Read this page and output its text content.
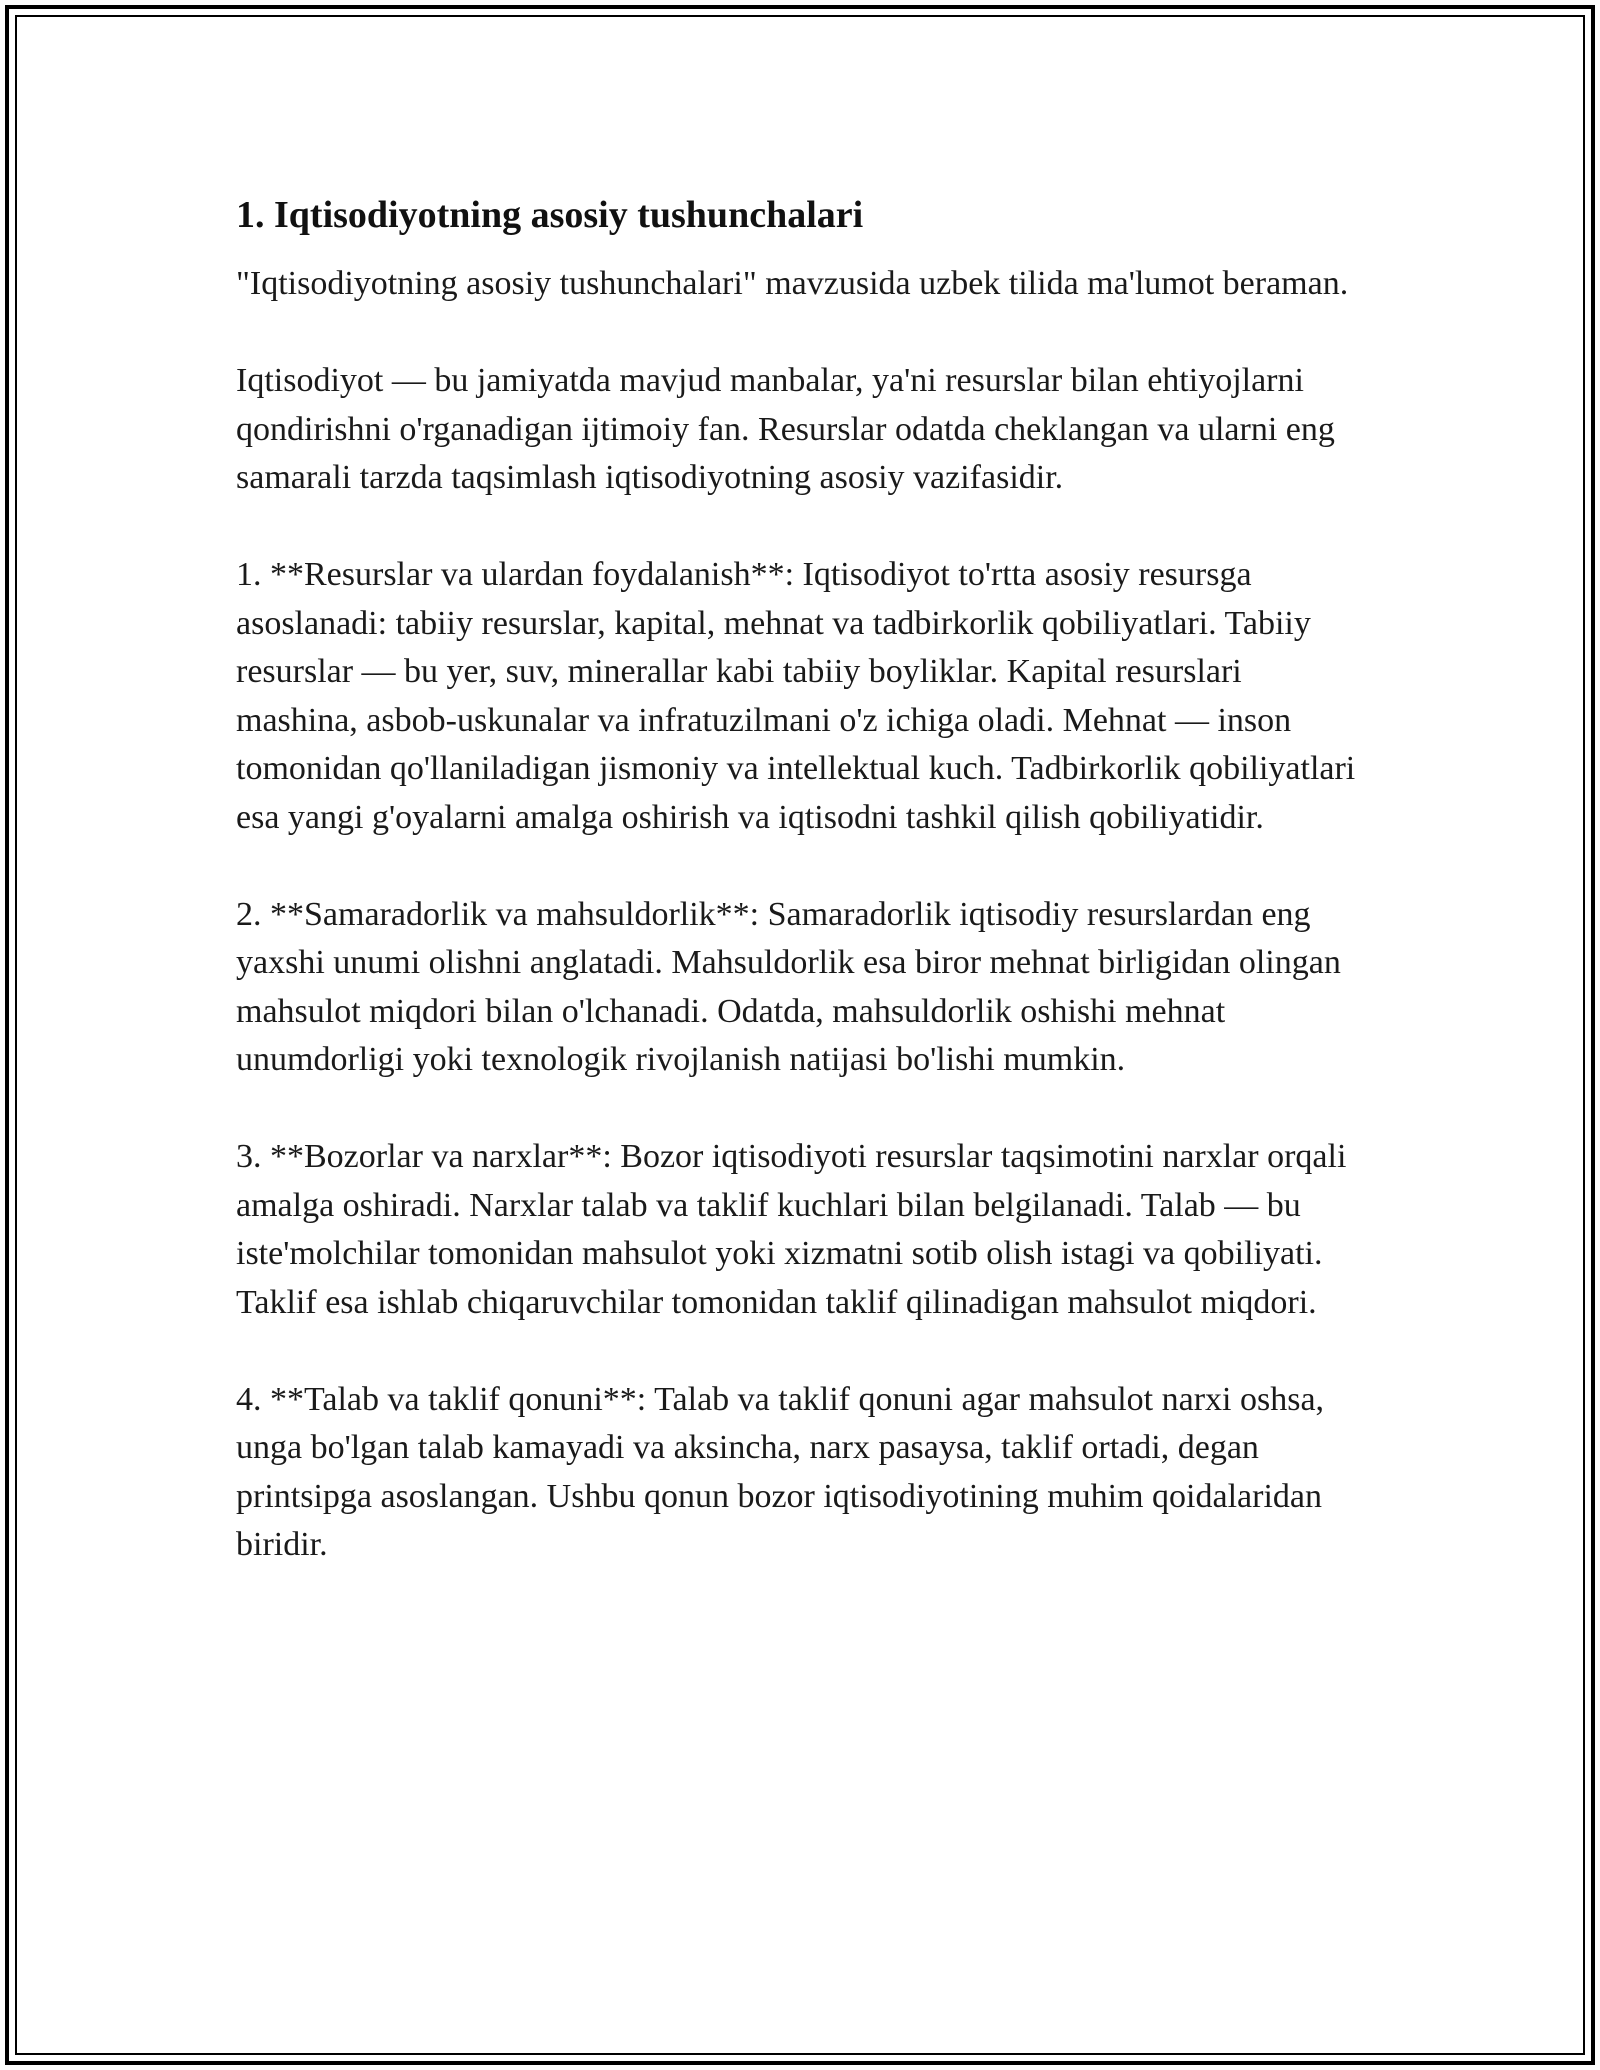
1. Iqtisodiyotning asosiy tushunchalari

"Iqtisodiyotning asosiy tushunchalari" mavzusida uzbek tilida ma'lumot beraman.

Iqtisodiyot — bu jamiyatda mavjud manbalar, ya'ni resurslar bilan ehtiyojlarni qondirishni o'rganadigan ijtimoiy fan. Resurslar odatda cheklangan va ularni eng samarali tarzda taqsimlash iqtisodiyotning asosiy vazifasidir.

1. **Resurslar va ulardan foydalanish**: Iqtisodiyot to'rtta asosiy resursga asoslanadi: tabiiy resurslar, kapital, mehnat va tadbirkorlik qobiliyatlari. Tabiiy resurslar — bu yer, suv, minerallar kabi tabiiy boyliklar. Kapital resurslari mashina, asbob-uskunalar va infratuzilmani o'z ichiga oladi. Mehnat — inson tomonidan qo'llaniladigan jismoniy va intellektual kuch. Tadbirkorlik qobiliyatlari esa yangi g'oyalarni amalga oshirish va iqtisodni tashkil qilish qobiliyatidir.

2. **Samaradorlik va mahsuldorlik**: Samaradorlik iqtisodiy resurslardan eng yaxshi unumi olishni anglatadi. Mahsuldorlik esa biror mehnat birligidan olingan mahsulot miqdori bilan o'lchanadi. Odatda, mahsuldorlik oshishi mehnat unumdorligi yoki texnologik rivojlanish natijasi bo'lishi mumkin.

3. **Bozorlar va narxlar**: Bozor iqtisodiyoti resurslar taqsimotini narxlar orqali amalga oshiradi. Narxlar talab va taklif kuchlari bilan belgilanadi. Talab — bu iste'molchilar tomonidan mahsulot yoki xizmatni sotib olish istagi va qobiliyati. Taklif esa ishlab chiqaruvchilar tomonidan taklif qilinadigan mahsulot miqdori.

4. **Talab va taklif qonuni**: Talab va taklif qonuni agar mahsulot narxi oshsa, unga bo'lgan talab kamayadi va aksincha, narx pasaysa, taklif ortadi, degan printsipga asoslangan. Ushbu qonun bozor iqtisodiyotining muhim qoidalaridan biridir.
